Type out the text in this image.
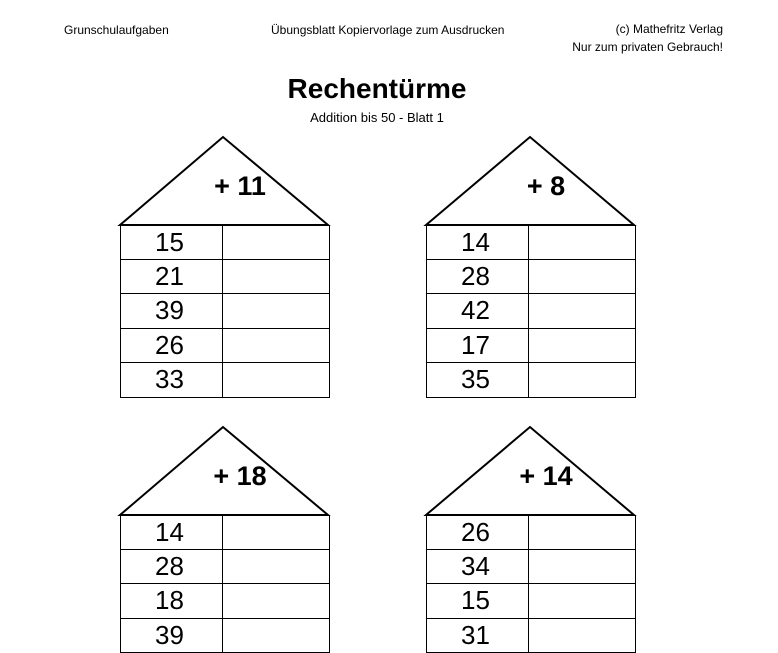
Grunschulaufgaben	Übungsblatt Kopiervorlage zum Ausdrucken	(c) Mathefritz Verlag
Nur zum privaten Gebrauch!
Rechentürme
Addition bis 50 - Blatt 1
+ 11
15
21
39
26
33
+ 8
14
28
42
17
35
+ 18
14
28
18
39
+ 14
26
34
15
31
